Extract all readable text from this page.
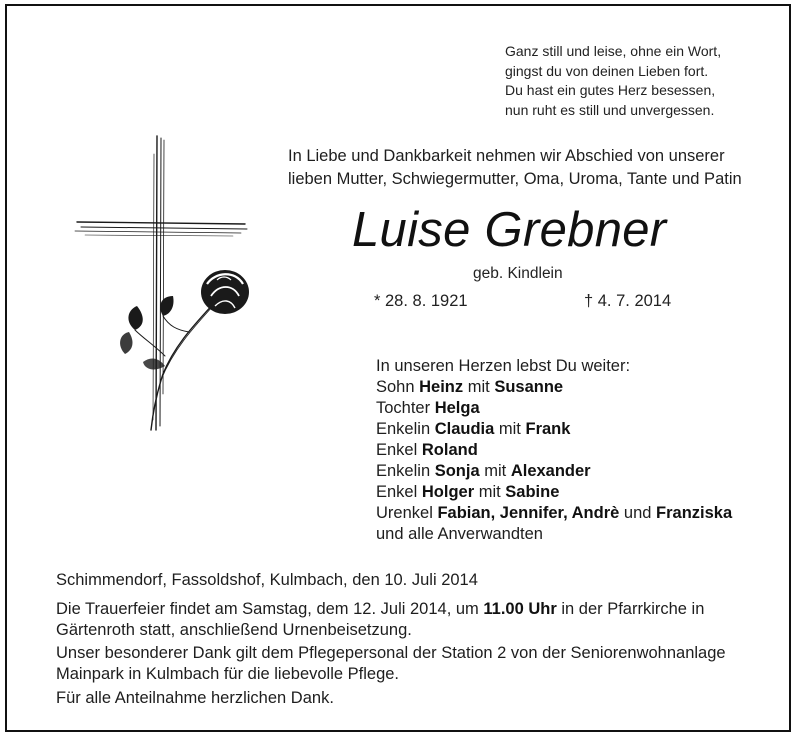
Ganz still und leise, ohne ein Wort,
gingst du von deinen Lieben fort.
Du hast ein gutes Herz besessen,
nun ruht es still und unvergessen.
In Liebe und Dankbarkeit nehmen wir Abschied von unserer
lieben Mutter, Schwiegermutter, Oma, Uroma, Tante und Patin
Luise Grebner
geb. Kindlein
* 28. 8. 1921	† 4. 7. 2014
In unseren Herzen lebst Du weiter:
Sohn Heinz mit Susanne
Tochter Helga
Enkelin Claudia mit Frank
Enkel Roland
Enkelin Sonja mit Alexander
Enkel Holger mit Sabine
Urenkel Fabian, Jennifer, Andrè und Franziska
und alle Anverwandten
Schimmendorf, Fassoldshof, Kulmbach, den 10. Juli 2014
Die Trauerfeier findet am Samstag, dem 12. Juli 2014, um 11.00 Uhr in der Pfarrkirche in
Gärtenroth statt, anschließend Urnenbeisetzung.
Unser besonderer Dank gilt dem Pflegepersonal der Station 2 von der Seniorenwohnanlage
Mainpark in Kulmbach für die liebevolle Pflege.
Für alle Anteilnahme herzlichen Dank.
